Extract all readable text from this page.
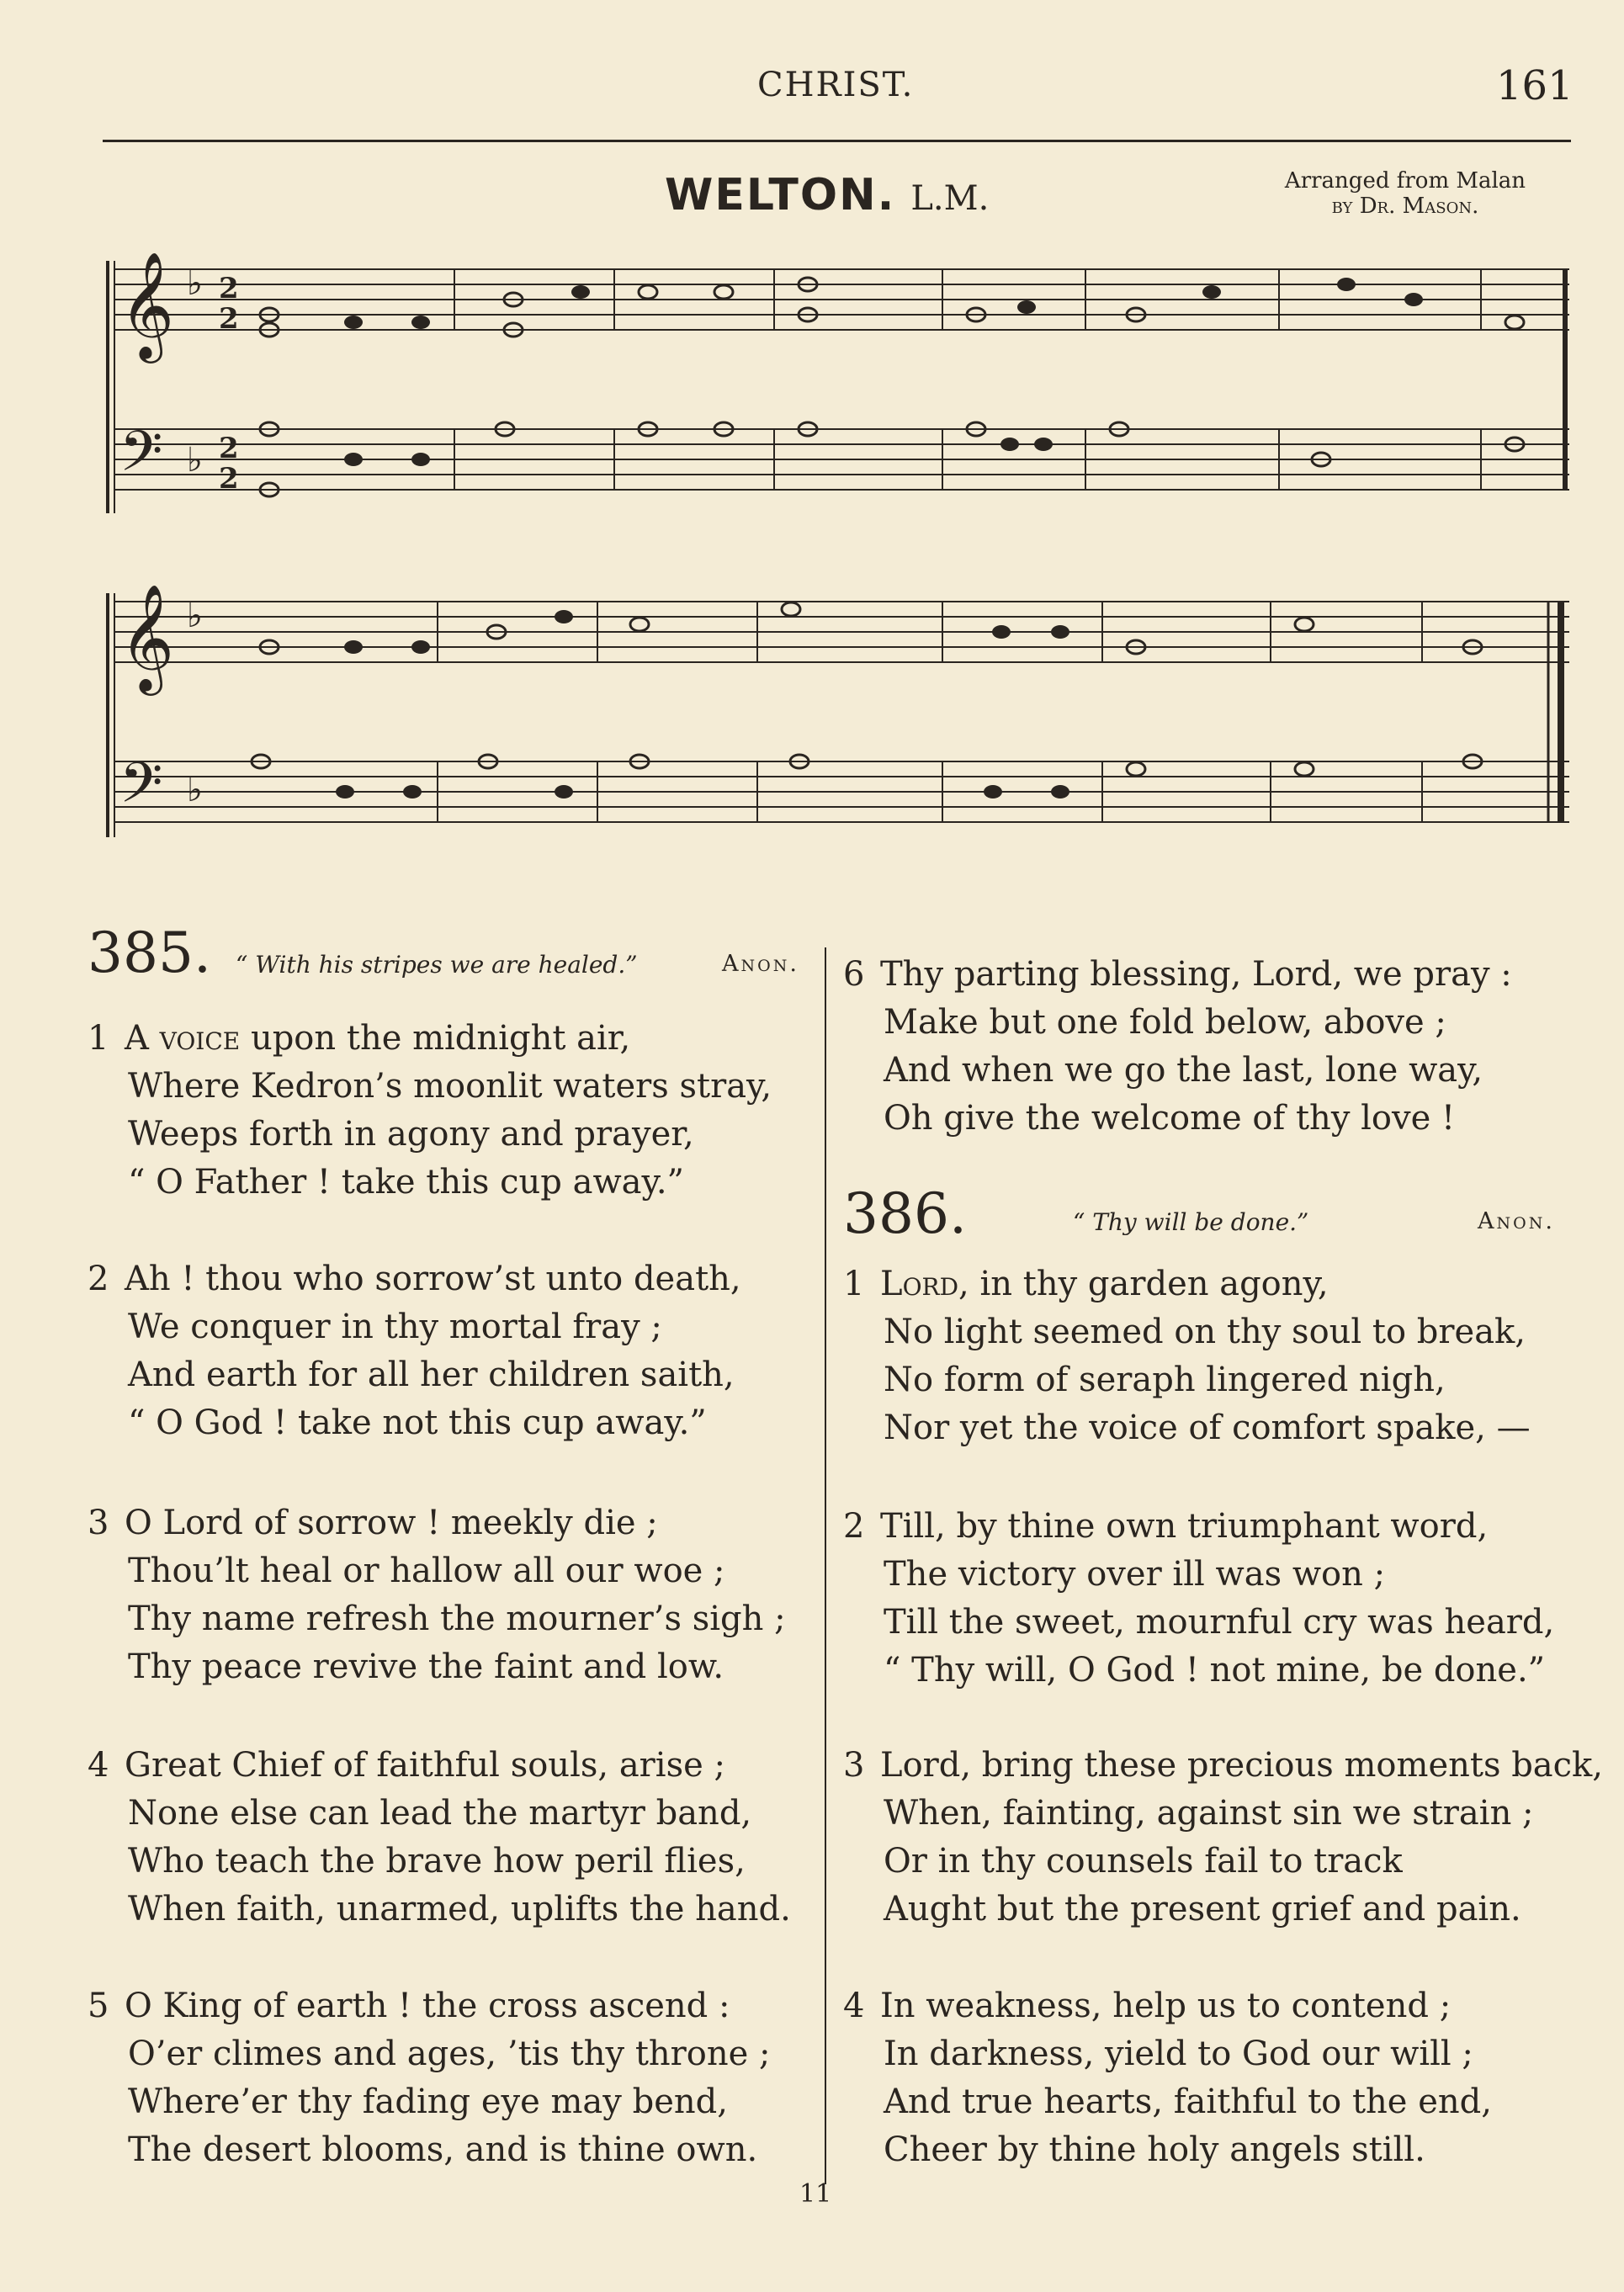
CHRIST.	161
WELTON. L.M.	Arranged from Malan
by Dr. Mason.
𝄞
𝄢
𝄞
𝄢
♭
♭
♭
♭
2
2
2
2
385. “ With his stripes we are healed.”	Anon.
1 A voice upon the midnight air,
Where Kedron’s moonlit waters stray,
Weeps forth in agony and prayer,
“ O Father ! take this cup away.”
2 Ah ! thou who sorrow’st unto death,
We conquer in thy mortal fray ;
And earth for all her children saith,
“ O God ! take not this cup away.”
3 O Lord of sorrow ! meekly die ;
Thou’lt heal or hallow all our woe ;
Thy name refresh the mourner’s sigh ;
Thy peace revive the faint and low.
4 Great Chief of faithful souls, arise ;
None else can lead the martyr band,
Who teach the brave how peril flies,
When faith, unarmed, uplifts the hand.
5 O King of earth ! the cross ascend :
O’er climes and ages, ’tis thy throne ;
Where’er thy fading eye may bend,
The desert blooms, and is thine own.
6 Thy parting blessing, Lord, we pray :
Make but one fold below, above ;
And when we go the last, lone way,
Oh give the welcome of thy love !
386.	“ Thy will be done.”	Anon.
1 Lord, in thy garden agony,
No light seemed on thy soul to break,
No form of seraph lingered nigh,
Nor yet the voice of comfort spake, —
2 Till, by thine own triumphant word,
The victory over ill was won ;
Till the sweet, mournful cry was heard,
“ Thy will, O God ! not mine, be done.”
3 Lord, bring these precious moments back,
When, fainting, against sin we strain ;
Or in thy counsels fail to track
Aught but the present grief and pain.
4 In weakness, help us to contend ;
In darkness, yield to God our will ;
And true hearts, faithful to the end,
Cheer by thine holy angels still.
11
